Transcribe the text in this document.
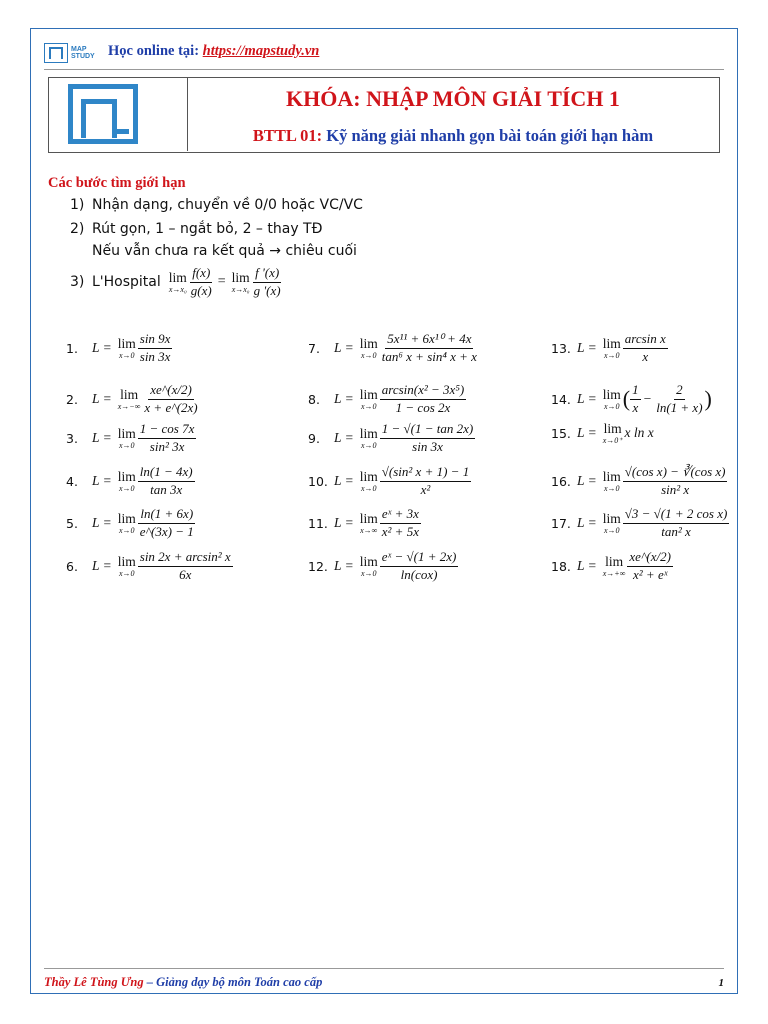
MAP
STUDY Học online tại: https://mapstudy.vn
KHÓA: NHẬP MÔN GIẢI TÍCH 1
BTTL 01: Kỹ năng giải nhanh gọn bài toán giới hạn hàm
Các bước tìm giới hạn
1) Nhận dạng, chuyển về 0/0 hoặc VC/VC
2) Rút gọn, 1 – ngắt bỏ, 2 – thay TĐ
Nếu vẫn chưa ra kết quả → chiêu cuối
3) L'Hospital lim
$x\to x_0 \frac{f(x)}{g(x)} = \lim$
$x\to x_0 \frac{f '(x)}{g '(x)}$
1.	L = lim
$x\to 0 \frac{\sin 9x}{\sin 3x}$
2.	L = lim
$x\to-\infty \frac{xe\^{}(x/2)}{x + e\^{}(2x)}$
3.	L = lim
$x\to 0 \frac{1 - \cos 7x}{\text{sin² 3x}}$
4.	L = lim
$x\to 0 \frac{\ln(1 - 4x)}{\tan 3x}$
5.	L = lim
$x\to 0 \frac{\ln(1 + 6x)}{e\^{}(3x) - 1}$
6.	L = lim
$x\to 0 \frac{\text{sin 2x + arcsin² x}}{6x}$
7.	L = lim
$x\to 0 \frac{\text{5x¹¹ + 6x¹⁰ + 4x}}{\text{tan⁶ x + sin⁴ x + x}}$
8.	L = lim
$x\to 0 \frac{\text{arcsin(x² − 3x⁵)}}{1 - \cos 2x}$
9.	L = lim
$x\to 0 \frac{1 - √(1 - \tan 2x)}{\sin 3x}$
10. L = lim
$x\to 0 \frac{\text{√(sin² x + 1) − 1}}{\text{x²}}$
11. L = lim
$x\to\infty \frac{\text{eˣ + 3x}}{\text{x² + 5x}}$
12. L = lim
$x\to 0 \frac{\text{eˣ − √(1 + 2x)}}{\text{ln(cox)}}$
13. L = lim
$x\to 0 \frac{\text{arcsin x}}{x}$
14. L = lim
x→0 ( $\frac{1}{x} - \frac{2}{\ln(1 + x)}$ )
15. L = lim
x→0⁺ x ln x
16. L = lim
$x\to 0 \frac{\text{√(cos x) − ∛(cos x)}}{\text{sin² x}}$
17. L = lim
$x\to 0 \frac{\text{√3 − √(1 + 2 cos x)}}{\text{tan² x}}$
18. L = lim
$x\to+\infty \frac{xe\^{}(x/2)}{\text{x² + eˣ}}$
Thầy Lê Tùng Ưng – Giảng dạy bộ môn Toán cao cấp	1
